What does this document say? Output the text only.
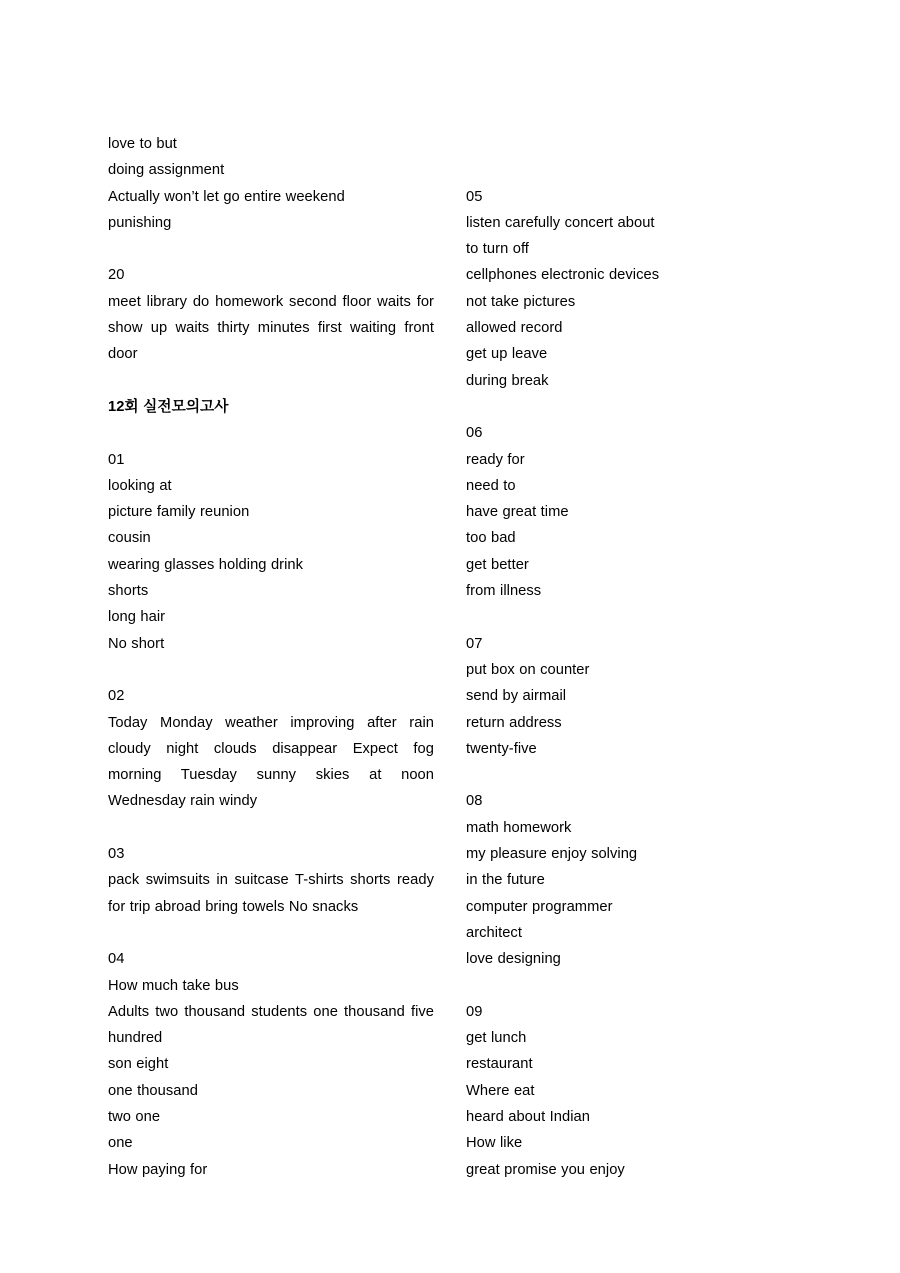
love to but
doing assignment
Actually won’t let go entire weekend
punishing
20
meet library do homework second floor waits for show up waits thirty minutes first waiting front door
12회 실전모의고사
01
looking at
picture family reunion
cousin
wearing glasses holding drink
shorts
long hair
No short
02
Today Monday weather improving after rain cloudy night clouds disappear Expect fog morning Tuesday sunny skies at noon Wednesday rain windy
03
pack swimsuits in suitcase T-shirts shorts ready for trip abroad bring towels No snacks
04
How much take bus
Adults two thousand students one thousand five hundred
son eight
one thousand
two one
one
How paying for
05
listen carefully concert about
to turn off
cellphones electronic devices
not take pictures
allowed record
get up leave
during break
06
ready for
need to
have great time
too bad
get better
from illness
07
put box on counter
send by airmail
return address
twenty-five
08
math homework
my pleasure enjoy solving
in the future
computer programmer
architect
love designing
09
get lunch
restaurant
Where eat
heard about Indian
How like
great promise you enjoy
